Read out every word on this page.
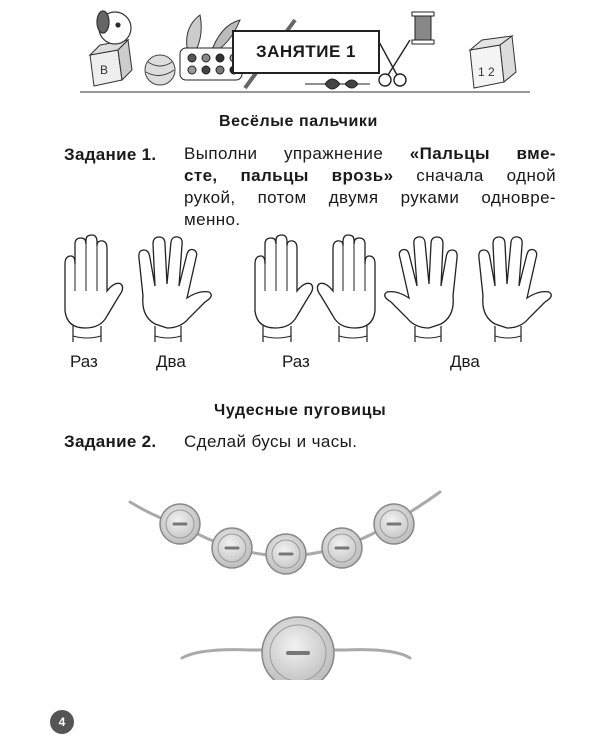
B	1 2
ЗАНЯТИЕ 1
Весёлые пальчики
Задание 1. Выполни упражнение «Пальцы вме-
сте, пальцы врозь» сначала одной
рукой, потом двумя руками одновре-
менно.
Раз	Два	Раз	Два
Чудесные пуговицы
Задание 2. Сделай бусы и часы.
4
